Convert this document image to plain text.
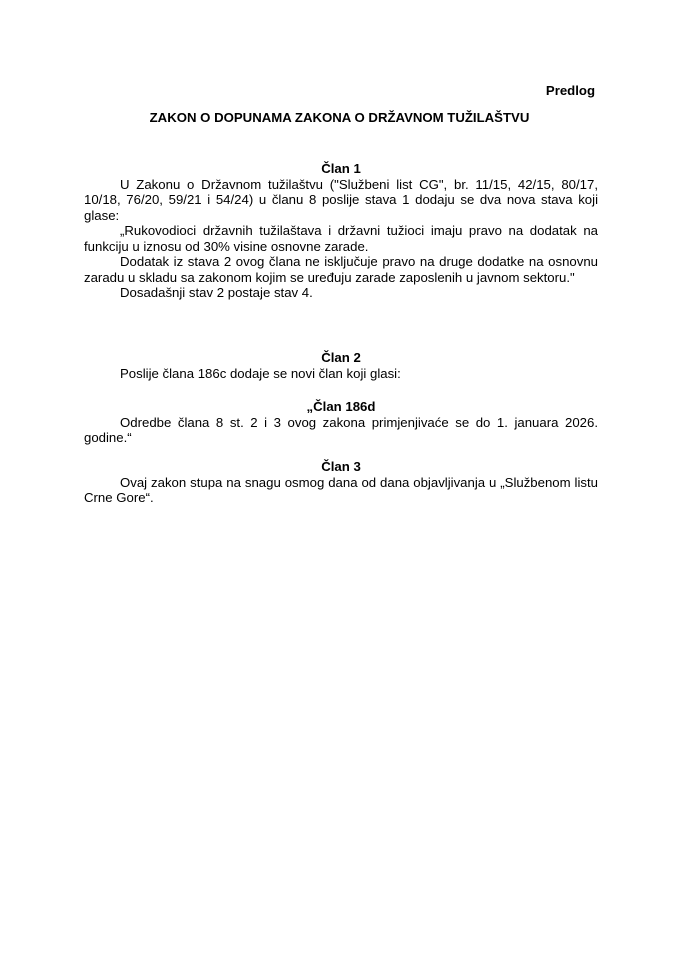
Predlog
ZAKON O DOPUNAMA ZAKONA O DRŽAVNOM TUŽILAŠTVU
Član 1

U Zakonu o Državnom tužilaštvu ("Službeni list CG", br. 11/15, 42/15, 80/17, 10/18, 76/20, 59/21 i 54/24) u članu 8 poslije stava 1 dodaju se dva nova stava koji glase:

„Rukovodioci državnih tužilaštava i državni tužioci imaju pravo na dodatak na funkciju u iznosu od 30% visine osnovne zarade.

Dodatak iz stava 2 ovog člana ne isključuje pravo na druge dodatke na osnovnu zaradu u skladu sa zakonom kojim se uređuju zarade zaposlenih u javnom sektoru."

Dosadašnji stav 2 postaje stav 4.

Član 2

Poslije člana 186c dodaje se novi član koji glasi:

„Član 186d

Odredbe člana 8 st. 2 i 3 ovog zakona primjenjivaće se do 1. januara 2026. godine.“

Član 3

Ovaj zakon stupa na snagu osmog dana od dana objavljivanja u „Službenom listu Crne Gore“.
